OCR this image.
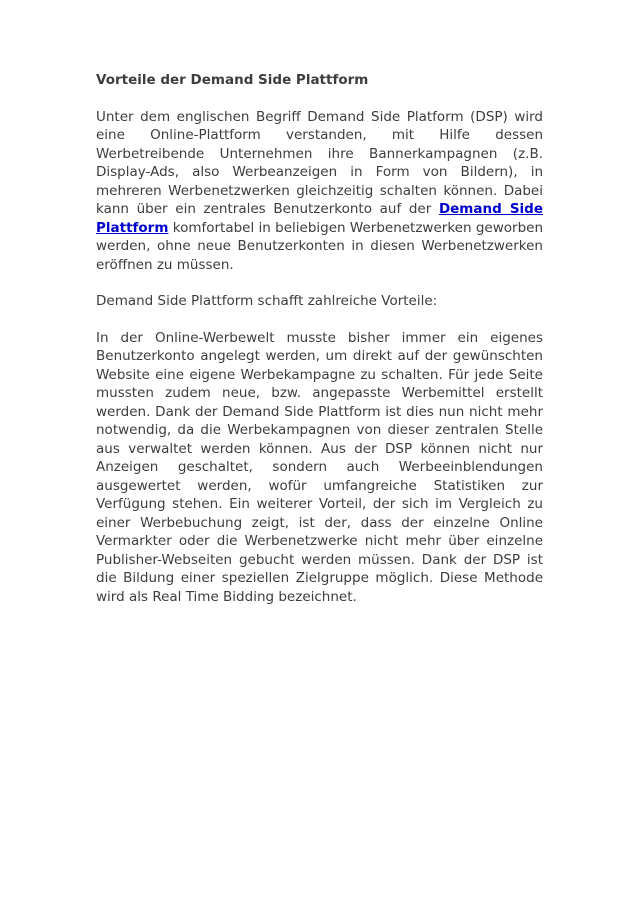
Vorteile der Demand Side Plattform

Unter dem englischen Begriff Demand Side Platform (DSP) wird eine Online-Plattform verstanden, mit Hilfe dessen Werbetreibende Unternehmen ihre Bannerkampagnen (z.B. Display-Ads, also Werbeanzeigen in Form von Bildern), in mehreren Werbenetzwerken gleichzeitig schalten können. Dabei kann über ein zentrales Benutzerkonto auf der Demand Side Plattform komfortabel in beliebigen Werbenetzwerken geworben werden, ohne neue Benutzerkonten in diesen Werbenetzwerken eröffnen zu müssen.

Demand Side Plattform schafft zahlreiche Vorteile:

In der Online-Werbewelt musste bisher immer ein eigenes Benutzerkonto angelegt werden, um direkt auf der gewünschten Website eine eigene Werbekampagne zu schalten. Für jede Seite mussten zudem neue, bzw. angepasste Werbemittel erstellt werden. Dank der Demand Side Plattform ist dies nun nicht mehr notwendig, da die Werbekampagnen von dieser zentralen Stelle aus verwaltet werden können. Aus der DSP können nicht nur Anzeigen geschaltet, sondern auch Werbeeinblendungen ausgewertet werden, wofür umfangreiche Statistiken zur Verfügung stehen. Ein weiterer Vorteil, der sich im Vergleich zu einer Werbebuchung zeigt, ist der, dass der einzelne Online Vermarkter oder die Werbenetzwerke nicht mehr über einzelne Publisher-Webseiten gebucht werden müssen. Dank der DSP ist die Bildung einer speziellen Zielgruppe möglich. Diese Methode wird als Real Time Bidding bezeichnet.
